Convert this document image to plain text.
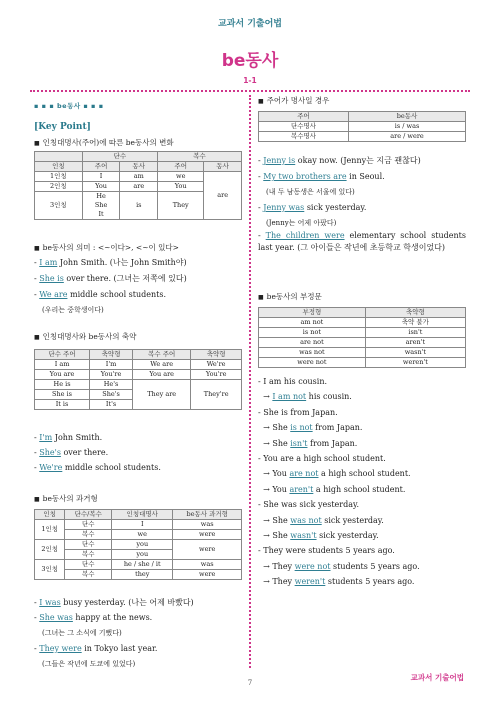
교과서 기출어법
be동사
1-1
▪ ▪ ▪ be동사 ▪ ▪ ▪
[Key Point]
■ 인칭대명사(주어)에 따른 be동사의 변화
	단수		복수	
인칭	주어	동사	주어	동사
1인칭	I	am	we	are
2인칭	You	are	You	
3인칭	He
She
It	is	They	
■ be동사의 의미 : <~이다>, <~이 있다>
- I am John Smith. (나는 John Smith야)
- She is over there. (그녀는 저쪽에 있다)
- We are middle school students.
(우리는 중학생이다)
■ 인칭대명사와 be동사의 축약
단수 주어	축약형	복수 주어	축약형
I am	I'm	We are	We're
You are	You're	You are	You're
He is	He's	They are	They're
She is	She's		
It is	It's		
- I'm John Smith.
- She's over there.
- We're middle school students.
■ be동사의 과거형
인칭	단수/복수	인칭대명사	be동사 과거형
1인칭	단수	I	was
	복수	we	were
2인칭	단수	you	were
	복수	you	
3인칭	단수	he / she / it	was
	복수	they	were
- I was busy yesterday. (나는 어제 바빴다)
- She was happy at the news.
(그녀는 그 소식에 기뻤다)
- They were in Tokyo last year.
(그들은 작년에 도쿄에 있었다)
■ 주어가 명사일 경우
주어	be동사
단수명사	is / was
복수명사	are / were
- Jenny is okay now. (Jenny는 지금 괜찮다)
- My two brothers are in Seoul.
(내 두 남동생은 서울에 있다)
- Jenny was sick yesterday.
(Jenny는 어제 아팠다)
- The children were elementary school students last year. (그 아이들은 작년에 초등학교 학생이었다)
■ be동사의 부정문
부정형	축약형
am not	축약 불가
is not	isn't
are not	aren't
was not	wasn't
were not	weren't
- I am his cousin.
→ I am not his cousin.
- She is from Japan.
→ She is not from Japan.
→ She isn't from Japan.
- You are a high school student.
→ You are not a high school student.
→ You aren't a high school student.
- She was sick yesterday.
→ She was not sick yesterday.
→ She wasn't sick yesterday.
- They were students 5 years ago.
→ They were not students 5 years ago.
→ They weren't students 5 years ago.
7
교과서 기출어법
